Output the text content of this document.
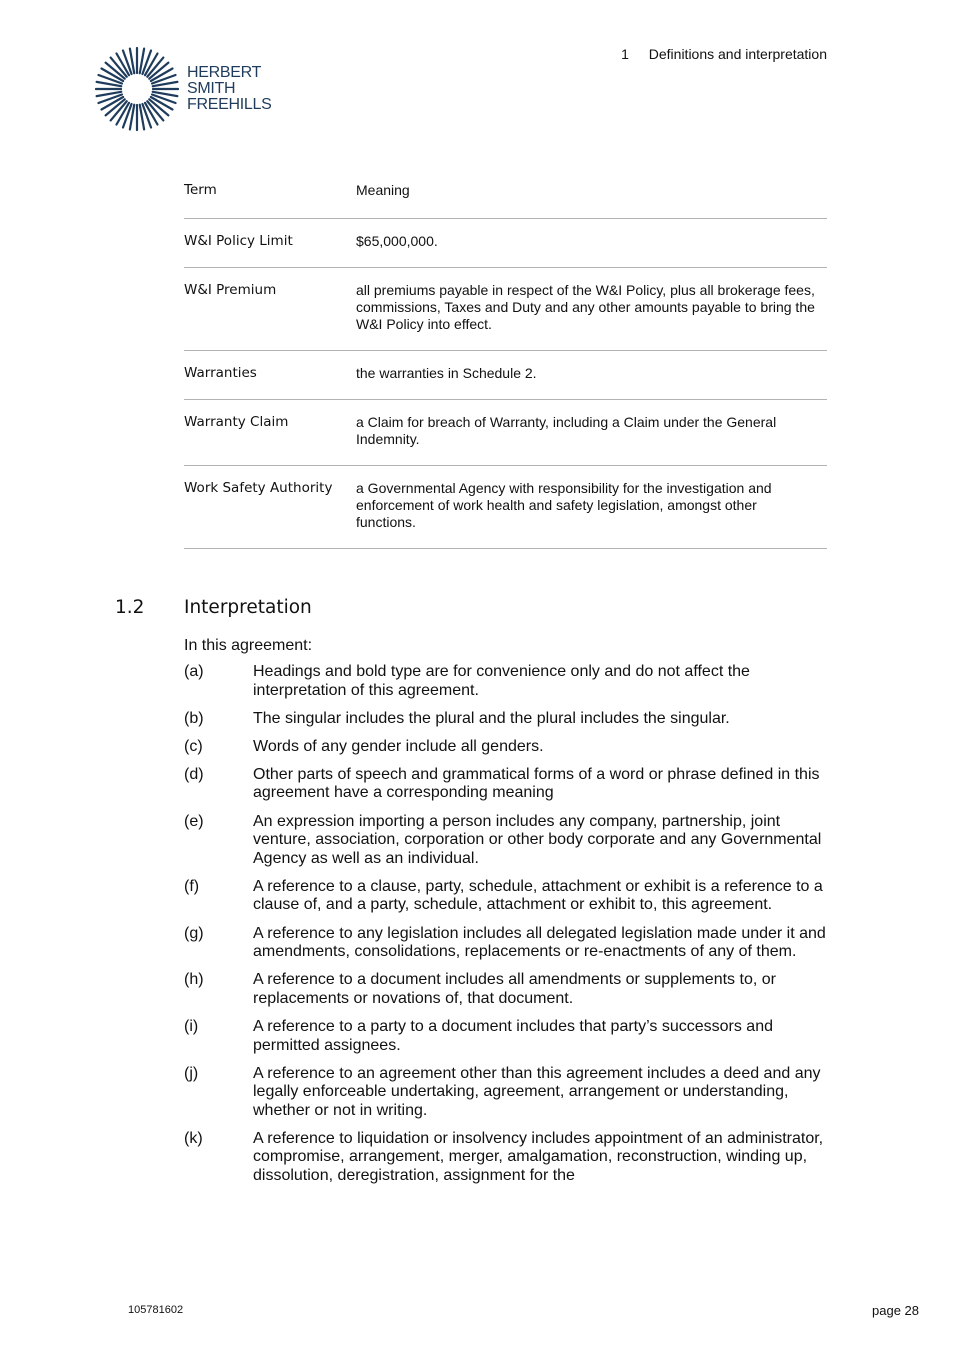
HERBERT
SMITH
FREEHILLS
1 Definitions and interpretation
Term	Meaning
W&I Policy Limit	$65,000,000.
W&I Premium	all premiums payable in respect of the W&I Policy, plus all brokerage fees, commissions, Taxes and Duty and any other amounts payable to bring the W&I Policy into effect.
Warranties	the warranties in Schedule 2.
Warranty Claim	a Claim for breach of Warranty, including a Claim under the General Indemnity.
Work Safety Authority	a Governmental Agency with responsibility for the investigation and enforcement of work health and safety legislation, amongst other functions.
1.2	Interpretation
In this agreement:
(a)	Headings and bold type are for convenience only and do not affect the interpretation of this agreement.
(b)	The singular includes the plural and the plural includes the singular.
(c)	Words of any gender include all genders.
(d)	Other parts of speech and grammatical forms of a word or phrase defined in this agreement have a corresponding meaning
(e)	An expression importing a person includes any company, partnership, joint venture, association, corporation or other body corporate and any Governmental Agency as well as an individual.
(f)	A reference to a clause, party, schedule, attachment or exhibit is a reference to a clause of, and a party, schedule, attachment or exhibit to, this agreement.
(g)	A reference to any legislation includes all delegated legislation made under it and amendments, consolidations, replacements or re-enactments of any of them.
(h)	A reference to a document includes all amendments or supplements to, or replacements or novations of, that document.
(i)	A reference to a party to a document includes that party’s successors and permitted assignees.
(j)	A reference to an agreement other than this agreement includes a deed and any legally enforceable undertaking, agreement, arrangement or understanding, whether or not in writing.
(k)	A reference to liquidation or insolvency includes appointment of an administrator, compromise, arrangement, merger, amalgamation, reconstruction, winding up, dissolution, deregistration, assignment for the
105781602	page 28
